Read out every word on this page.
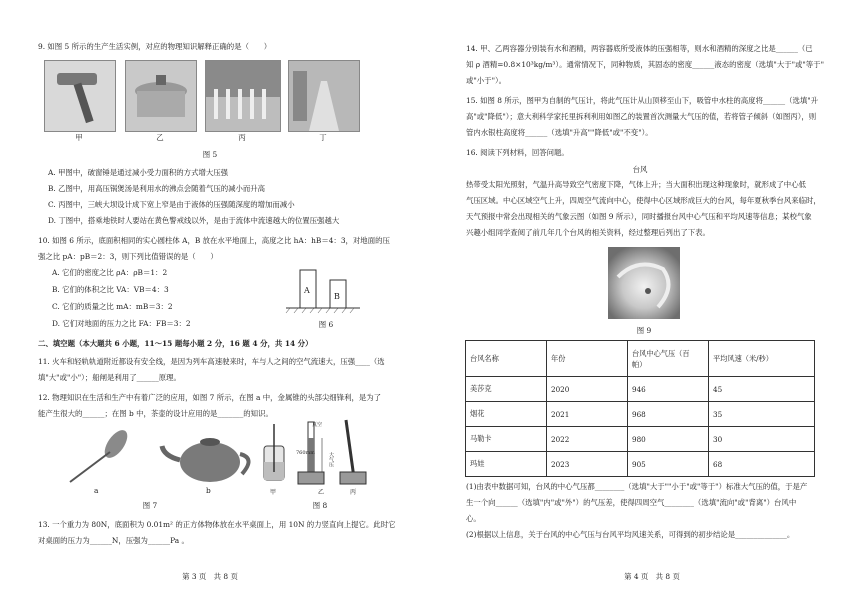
9. 如图 5 所示的生产生活实例，对应的物理知识解释正确的是（　　）
甲	乙	丙	丁
图 5
A. 甲图中，破窗锤是通过减小受力面积的方式增大压强
B. 乙图中，用高压锅煲汤是利用水的沸点会随着气压的减小而升高
C. 丙图中，三峡大坝设计成下宽上窄是由于液体的压强随深度的增加而减小
D. 丁图中，搭乘地铁时人要站在黄色警戒线以外，是由于流体中流速越大的位置压强越大
10. 如图 6 所示，底面积相同的实心圆柱体 A，B 放在水平地面上，高度之比 hA：hB＝4：3，对地面的压
强之比 pA：pB＝2：3，则下列比值错误的是（　　）
A. 它们的密度之比 ρA：ρB＝1：2
B. 它们的体积之比 VA：VB＝4：3
C. 它们的质量之比 mA：mB＝3：2
D. 它们对地面的压力之比 FA：FB＝3：2
A
B
图 6
二、填空题（本大题共 6 小题，11～15 题每小题 2 分，16 题 4 分，共 14 分）
11. 火车和轻轨轨道附近都设有安全线，是因为列车高速驶来时，车与人之间的空气流速大，压强____（选
填"大"或"小"）；船闸是利用了______原理。
12. 物理知识在生活和生产中有着广泛的应用，如图 7 所示，在图 a 中，金属锥的头部尖细锋利，是为了
能产生很大的______；在图 b 中，茶壶的设计应用的是_______的知识。
a	b
图 7
真空
760mm	大气压
甲	乙	丙
图 8
13. 一个重力为 80N，底面积为 0.01m² 的正方体物体放在水平桌面上，用 10N 的力竖直向上提它。此时它
对桌面的压力为______N，压强为______Pa 。
第 3 页　共 8 页
14. 甲、乙两容器分别装有水和酒精，两容器底所受液体的压强相等，则水和酒精的深度之比是______（已
知 ρ 酒精=0.8×10³kg/m³）。通常情况下，同种物质，其固态的密度______液态的密度（选填"大于"或"等于"
或"小于"）。
15. 如图 8 所示，图甲为自制的气压计，将此气压计从山顶移至山下，吸管中水柱的高度将______（选填"升
高"或"降低"）；意大利科学家托里拆利利用如图乙的装置首次测量大气压的值，若将管子倾斜（如图丙），则
管内水银柱高度将______（选填"升高""降低"或"不变"）。
16. 阅读下列材料，回答问题。
台风
热带受太阳光照射，气温升高导致空气密度下降，气体上升；当大面积出现这种现象时，就形成了中心低
气压区域。中心区域空气上升，四周空气流向中心，使得中心区域形成巨大的台风，每年夏秋季台风来临时，
天气预报中常会出现相关的气象云图（如图 9 所示），同时播报台风中心气压和平均风速等信息；某校气象
兴趣小组同学查阅了前几年几个台风的相关资料，经过整理后列出了下表。
图 9
台风名称	年份	台风中心气压（百
帕）	平均风速（米/秒）
美莎克	2020	946	45
烟花	2021	968	35
马勒卡	2022	980	30
玛娃	2023	905	68
(1)由表中数据可知，台风的中心气压都________（选填"大于""小于"或"等于"）标准大气压的值，于是产
生一个向______（选填"内"或"外"）的气压差，使得四周空气________（选填"流向"或"背离"）台风中
心。
(2)根据以上信息，关于台风的中心气压与台风平均风速关系，可得到的初步结论是______________。
第 4 页　共 8 页
